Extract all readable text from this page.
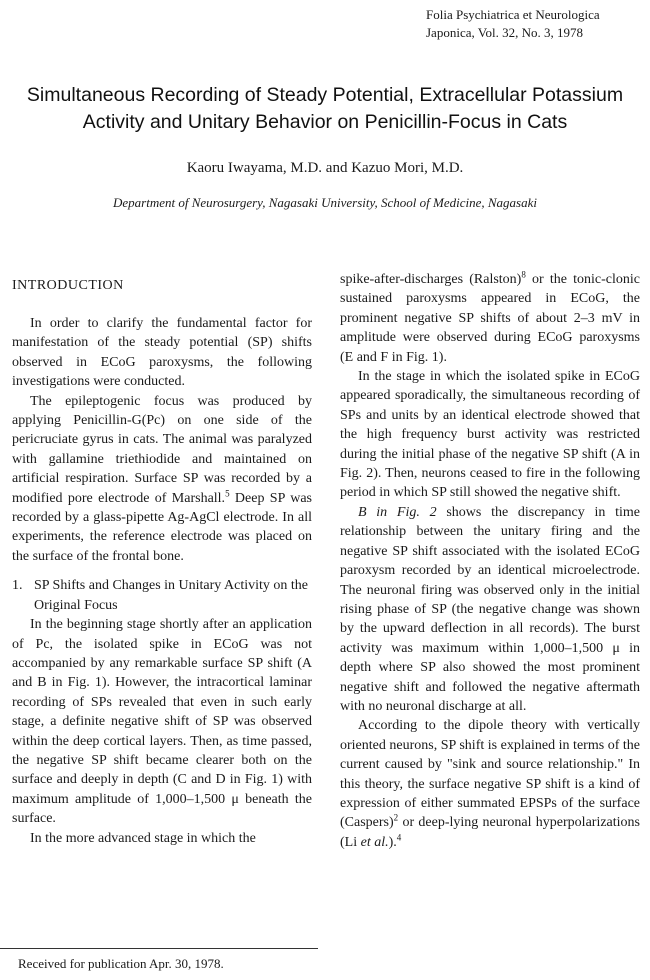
Folia Psychiatrica et Neurologica
Japonica, Vol. 32, No. 3, 1978
Simultaneous Recording of Steady Potential, Extracellular Potassium
Activity and Unitary Behavior on Penicillin-Focus in Cats
Kaoru Iwayama, M.D. and Kazuo Mori, M.D.
Department of Neurosurgery, Nagasaki University, School of Medicine, Nagasaki

INTRODUCTION

In order to clarify the fundamental factor for manifestation of the steady potential (SP) shifts observed in ECoG paroxysms, the following investigations were conducted.

The epileptogenic focus was produced by applying Penicillin-G(Pc) on one side of the pericruciate gyrus in cats. The animal was paralyzed with gallamine triethiodide and maintained on artificial respiration. Surface SP was recorded by a modified pore electrode of Marshall.$^5$ Deep SP was recorded by a glass-pipette Ag-AgCl electrode. In all experiments, the reference electrode was placed on the surface of the frontal bone.

1. SP Shifts and Changes in Unitary Activity on the Original Focus

In the beginning stage shortly after an application of Pc, the isolated spike in ECoG was not accompanied by any remarkable surface SP shift (A and B in Fig. 1). However, the intracortical laminar recording of SPs revealed that even in such early stage, a definite negative shift of SP was observed within the deep cortical layers. Then, as time passed, the negative SP shift became clearer both on the surface and deeply in depth (C and D in Fig. 1) with maximum amplitude of 1,000–1,500 μ beneath the surface.

In the more advanced stage in which the

Received for publication Apr. 30, 1978.

spike-after-discharges (Ralston)$^8$ or the tonic-clonic sustained paroxysms appeared in ECoG, the prominent negative SP shifts of about 2–3 mV in amplitude were observed during ECoG paroxysms (E and F in Fig. 1).

In the stage in which the isolated spike in ECoG appeared sporadically, the simultaneous recording of SPs and units by an identical electrode showed that the high frequency burst activity was restricted during the initial phase of the negative SP shift (A in Fig. 2). Then, neurons ceased to fire in the following period in which SP still showed the negative shift.

B in Fig. 2 shows the discrepancy in time relationship between the unitary firing and the negative SP shift associated with the isolated ECoG paroxysm recorded by an identical microelectrode. The neuronal firing was observed only in the initial rising phase of SP (the negative change was shown by the upward deflection in all records). The burst activity was maximum within 1,000–1,500 μ in depth where SP also showed the most prominent negative shift and followed the negative aftermath with no neuronal discharge at all.

According to the dipole theory with vertically oriented neurons, SP shift is explained in terms of the current caused by "sink and source relationship." In this theory, the surface negative SP shift is a kind of expression of either summated EPSPs of the surface (Caspers)$^2$ or deep-lying neuronal hyperpolarizations (Li et al.).$^4$
